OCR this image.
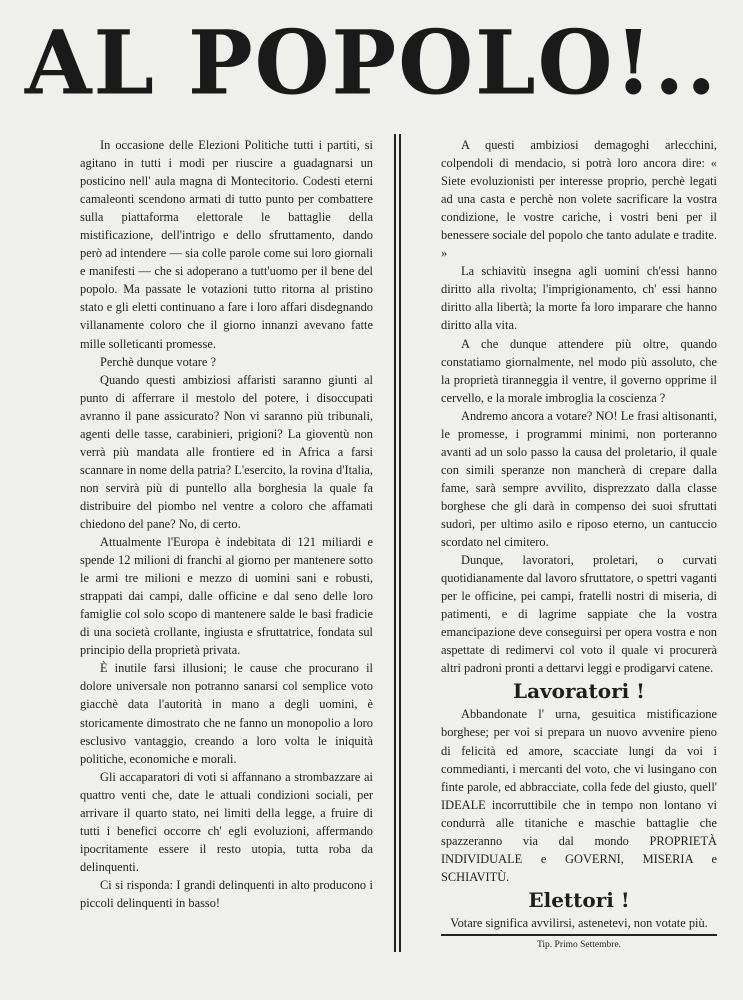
AL POPOLO!..

In occasione delle Elezioni Politiche tutti i partiti, si agitano in tutti i modi per riuscire a guadagnarsi un posticino nell' aula magna di Montecitorio. Codesti eterni camaleonti scendono armati di tutto punto per combattere sulla piattaforma elettorale le battaglie della mistificazione, dell'intrigo e dello sfruttamento, dando però ad intendere — sia colle parole come sui loro giornali e manifesti — che si adoperano a tutt'uomo per il bene del popolo. Ma passate le votazioni tutto ritorna al pristino stato e gli eletti continuano a fare i loro affari disdegnando villanamente coloro che il giorno innanzi avevano fatte mille solleticanti promesse.

Perchè dunque votare ?

Quando questi ambiziosi affaristi saranno giunti al punto di afferrare il mestolo del potere, i disoccupati avranno il pane assicurato? Non vi saranno più tribunali, agenti delle tasse, carabinieri, prigioni? La gioventù non verrà più mandata alle frontiere ed in Africa a farsi scannare in nome della patria? L'esercito, la rovina d'Italia, non servirà più di puntello alla borghesia la quale fa distribuire del piombo nel ventre a coloro che affamati chiedono del pane? No, di certo.

Attualmente l'Europa è indebitata di 121 miliardi e spende 12 milioni di franchi al giorno per mantenere sotto le armi tre milioni e mezzo di uomini sani e robusti, strappati dai campi, dalle officine e dal seno delle loro famiglie col solo scopo di mantenere salde le basi fradicie di una società crollante, ingiusta e sfruttatrice, fondata sul principio della proprietà privata.

È inutile farsi illusioni; le cause che procurano il dolore universale non potranno sanarsi col semplice voto giacchè data l'autorità in mano a degli uomini, è storicamente dimostrato che ne fanno un monopolio a loro esclusivo vantaggio, creando a loro volta le iniquità politiche, economiche e morali.

Gli accaparatori di voti si affannano a strombazzare ai quattro venti che, date le attuali condizioni sociali, per arrivare il quarto stato, nei limiti della legge, a fruire di tutti i benefici occorre ch' egli evoluzioni, affermando ipocritamente essere il resto utopia, tutta roba da delinquenti.

Ci si risponda: I grandi delinquenti in alto producono i piccoli delinquenti in basso!

A questi ambiziosi demagoghi arlecchini, colpendoli di mendacio, si potrà loro ancora dire: « Siete evoluzionisti per interesse proprio, perchè legati ad una casta e perchè non volete sacrificare la vostra condizione, le vostre cariche, i vostri beni per il benessere sociale del popolo che tanto adulate e tradite. »

La schiavitù insegna agli uomini ch'essi hanno diritto alla rivolta; l'imprigionamento, ch' essi hanno diritto alla libertà; la morte fa loro imparare che hanno diritto alla vita.

A che dunque attendere più oltre, quando constatiamo giornalmente, nel modo più assoluto, che la proprietà tiranneggia il ventre, il governo opprime il cervello, e la morale imbroglia la coscienza ?

Andremo ancora a votare? NO! Le frasi altisonanti, le promesse, i programmi minimi, non porteranno avanti ad un solo passo la causa del proletario, il quale con simili speranze non mancherà di crepare dalla fame, sarà sempre avvilito, disprezzato dalla classe borghese che gli darà in compenso dei suoi sfruttati sudori, per ultimo asilo e riposo eterno, un cantuccio scordato nel cimitero.

Dunque, lavoratori, proletari, o curvati quotidianamente dal lavoro sfruttatore, o spettri vaganti per le officine, pei campi, fratelli nostri di miseria, di patimenti, e di lagrime sappiate che la vostra emancipazione deve conseguirsi per opera vostra e non aspettate di redimervi col voto il quale vi procurerà altri padroni pronti a dettarvi leggi e prodigarvi catene.

Lavoratori !

Abbandonate l' urna, gesuitica mistificazione borghese; per voi si prepara un nuovo avvenire pieno di felicità ed amore, scacciate lungi da voi i commedianti, i mercanti del voto, che vi lusingano con finte parole, ed abbracciate, colla fede del giusto, quell' IDEALE incorruttibile che in tempo non lontano vi condurrà alle titaniche e maschie battaglie che spazzeranno via dal mondo PROPRIETÀ INDIVIDUALE e GOVERNI, MISERIA e SCHIAVITÙ.

Elettori !

Votare significa avvilirsi, astenetevi, non votate più.

Tip. Primo Settembre.
